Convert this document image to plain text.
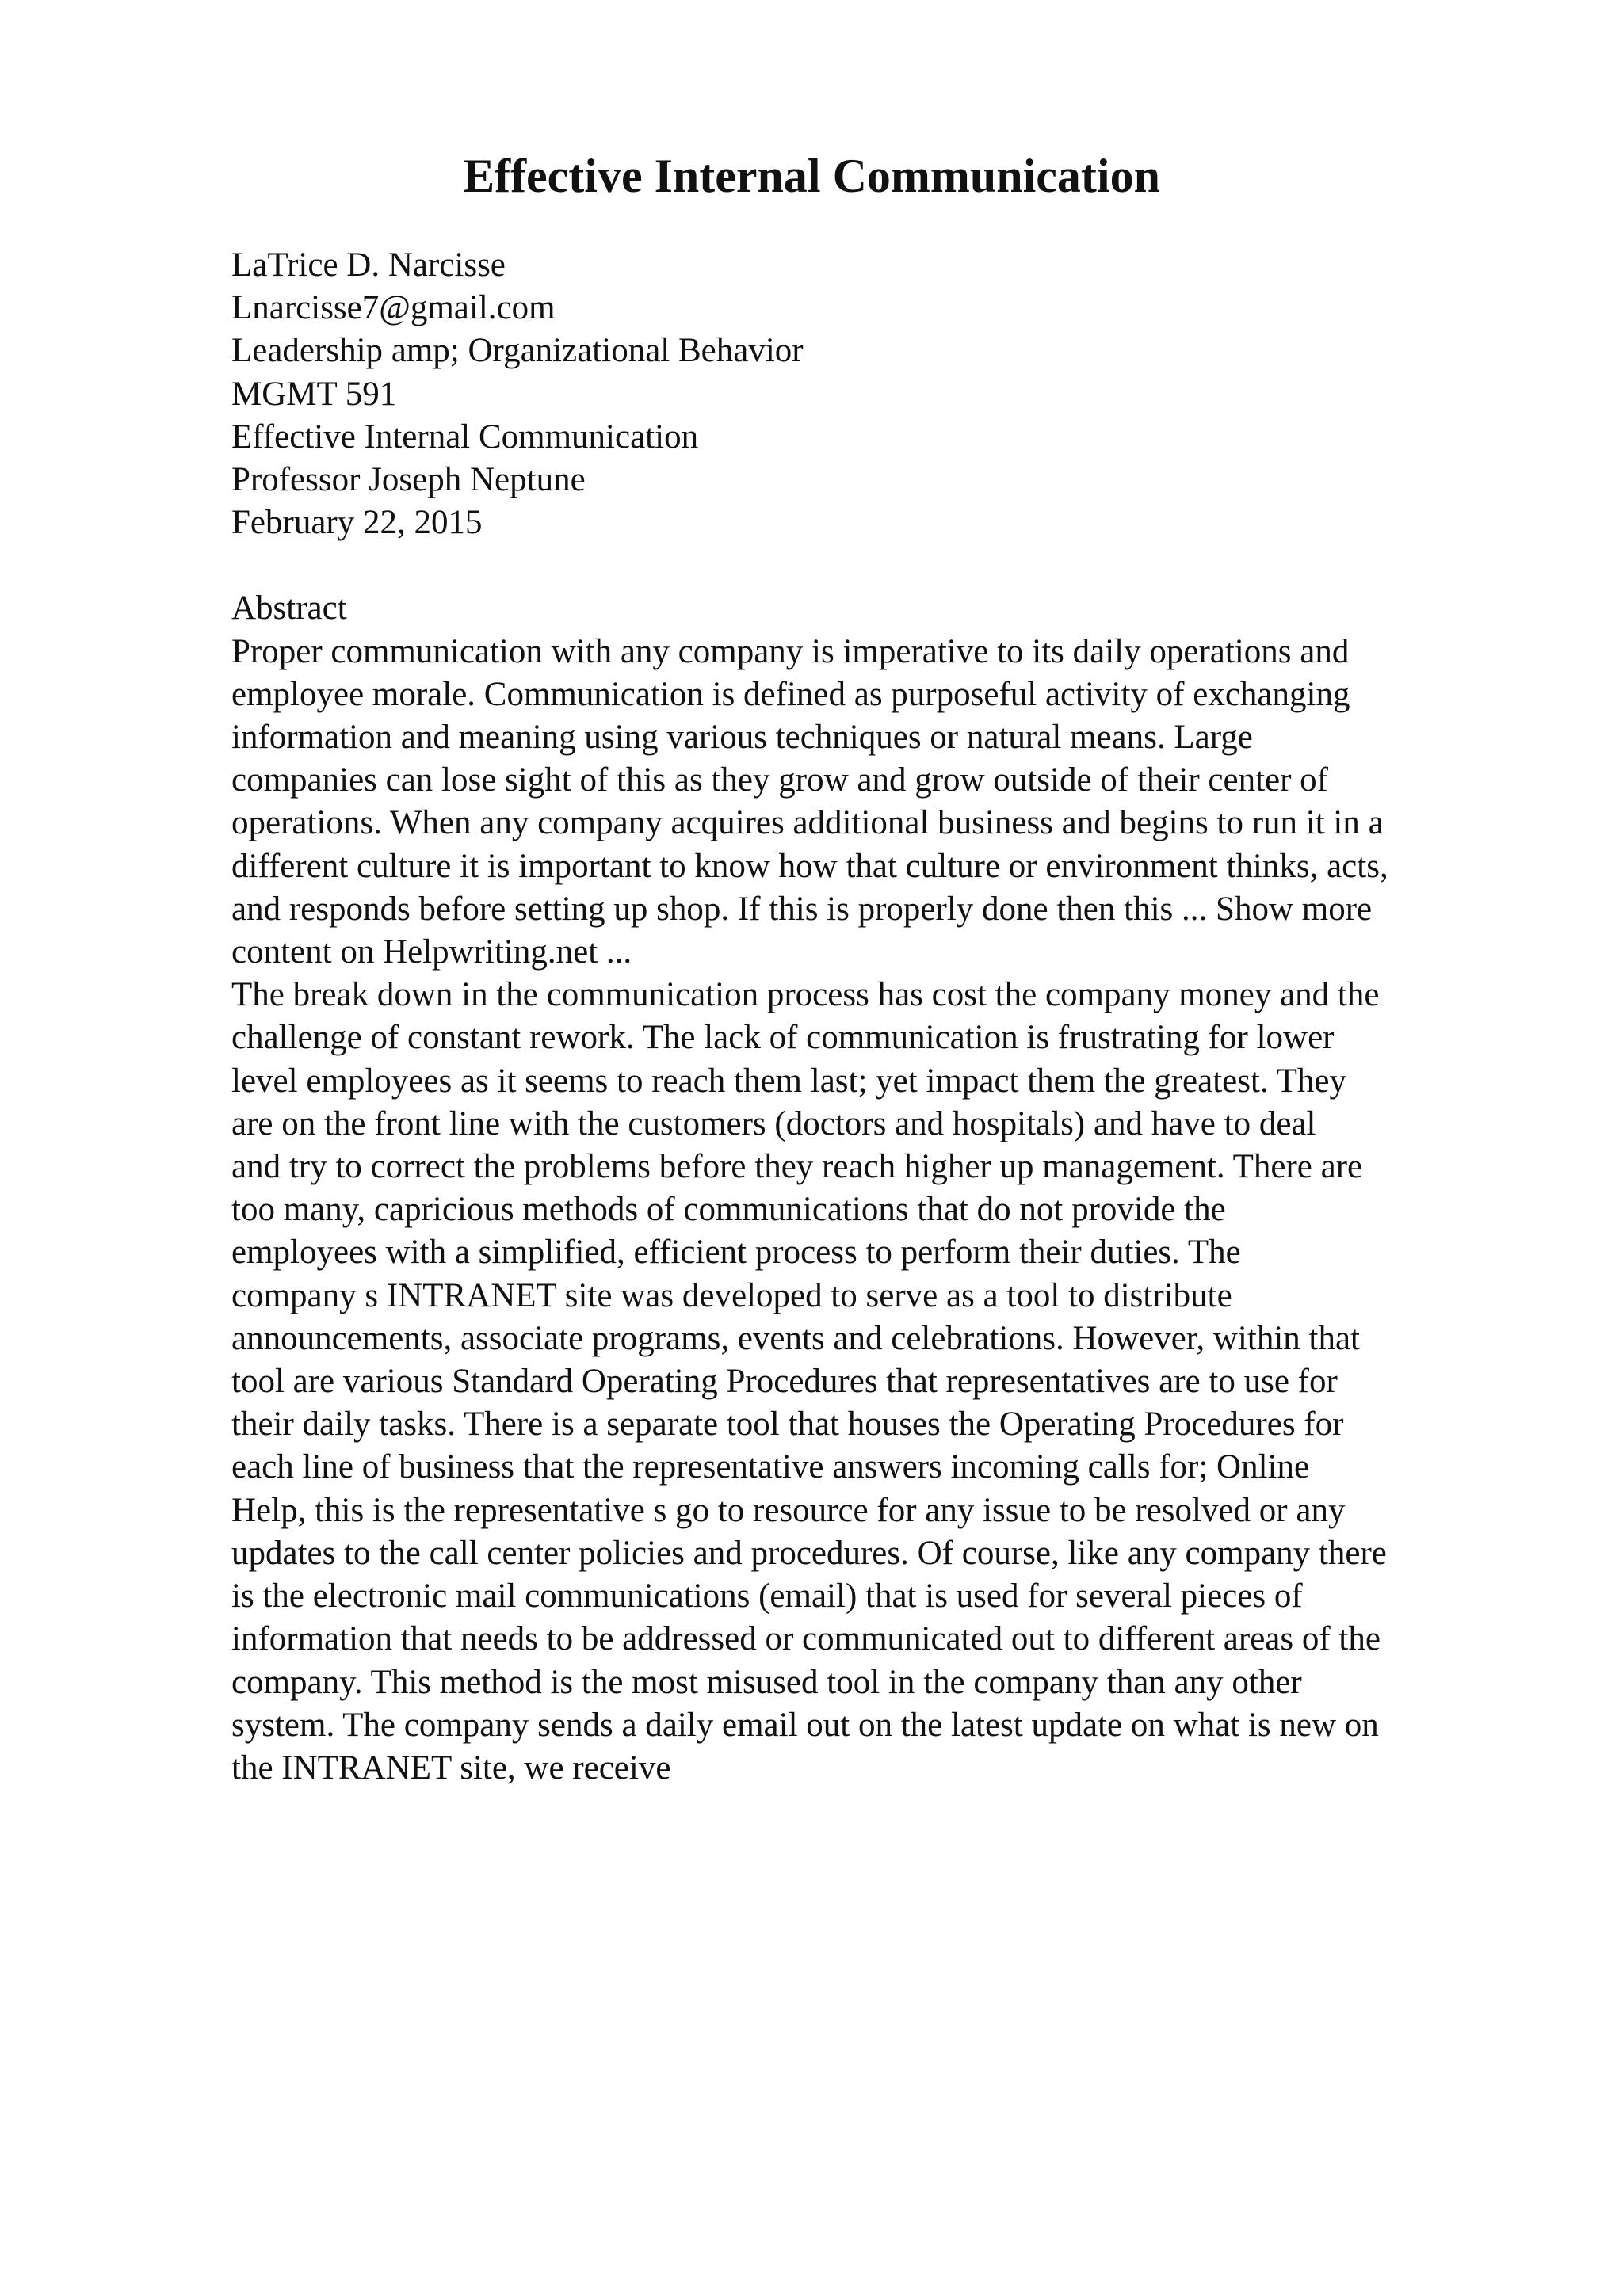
Effective Internal Communication
LaTrice D. Narcisse
Lnarcisse7@gmail.com
Leadership amp; Organizational Behavior
MGMT 591
Effective Internal Communication
Professor Joseph Neptune
February 22, 2015
Abstract
Proper communication with any company is imperative to its daily operations and
employee morale. Communication is defined as purposeful activity of exchanging
information and meaning using various techniques or natural means. Large
companies can lose sight of this as they grow and grow outside of their center of
operations. When any company acquires additional business and begins to run it in a
different culture it is important to know how that culture or environment thinks, acts,
and responds before setting up shop. If this is properly done then this ... Show more
content on Helpwriting.net ...
The break down in the communication process has cost the company money and the
challenge of constant rework. The lack of communication is frustrating for lower
level employees as it seems to reach them last; yet impact them the greatest. They
are on the front line with the customers (doctors and hospitals) and have to deal
and try to correct the problems before they reach higher up management. There are
too many, capricious methods of communications that do not provide the
employees with a simplified, efficient process to perform their duties. The
company s INTRANET site was developed to serve as a tool to distribute
announcements, associate programs, events and celebrations. However, within that
tool are various Standard Operating Procedures that representatives are to use for
their daily tasks. There is a separate tool that houses the Operating Procedures for
each line of business that the representative answers incoming calls for; Online
Help, this is the representative s go to resource for any issue to be resolved or any
updates to the call center policies and procedures. Of course, like any company there
is the electronic mail communications (email) that is used for several pieces of
information that needs to be addressed or communicated out to different areas of the
company. This method is the most misused tool in the company than any other
system. The company sends a daily email out on the latest update on what is new on
the INTRANET site, we receive
